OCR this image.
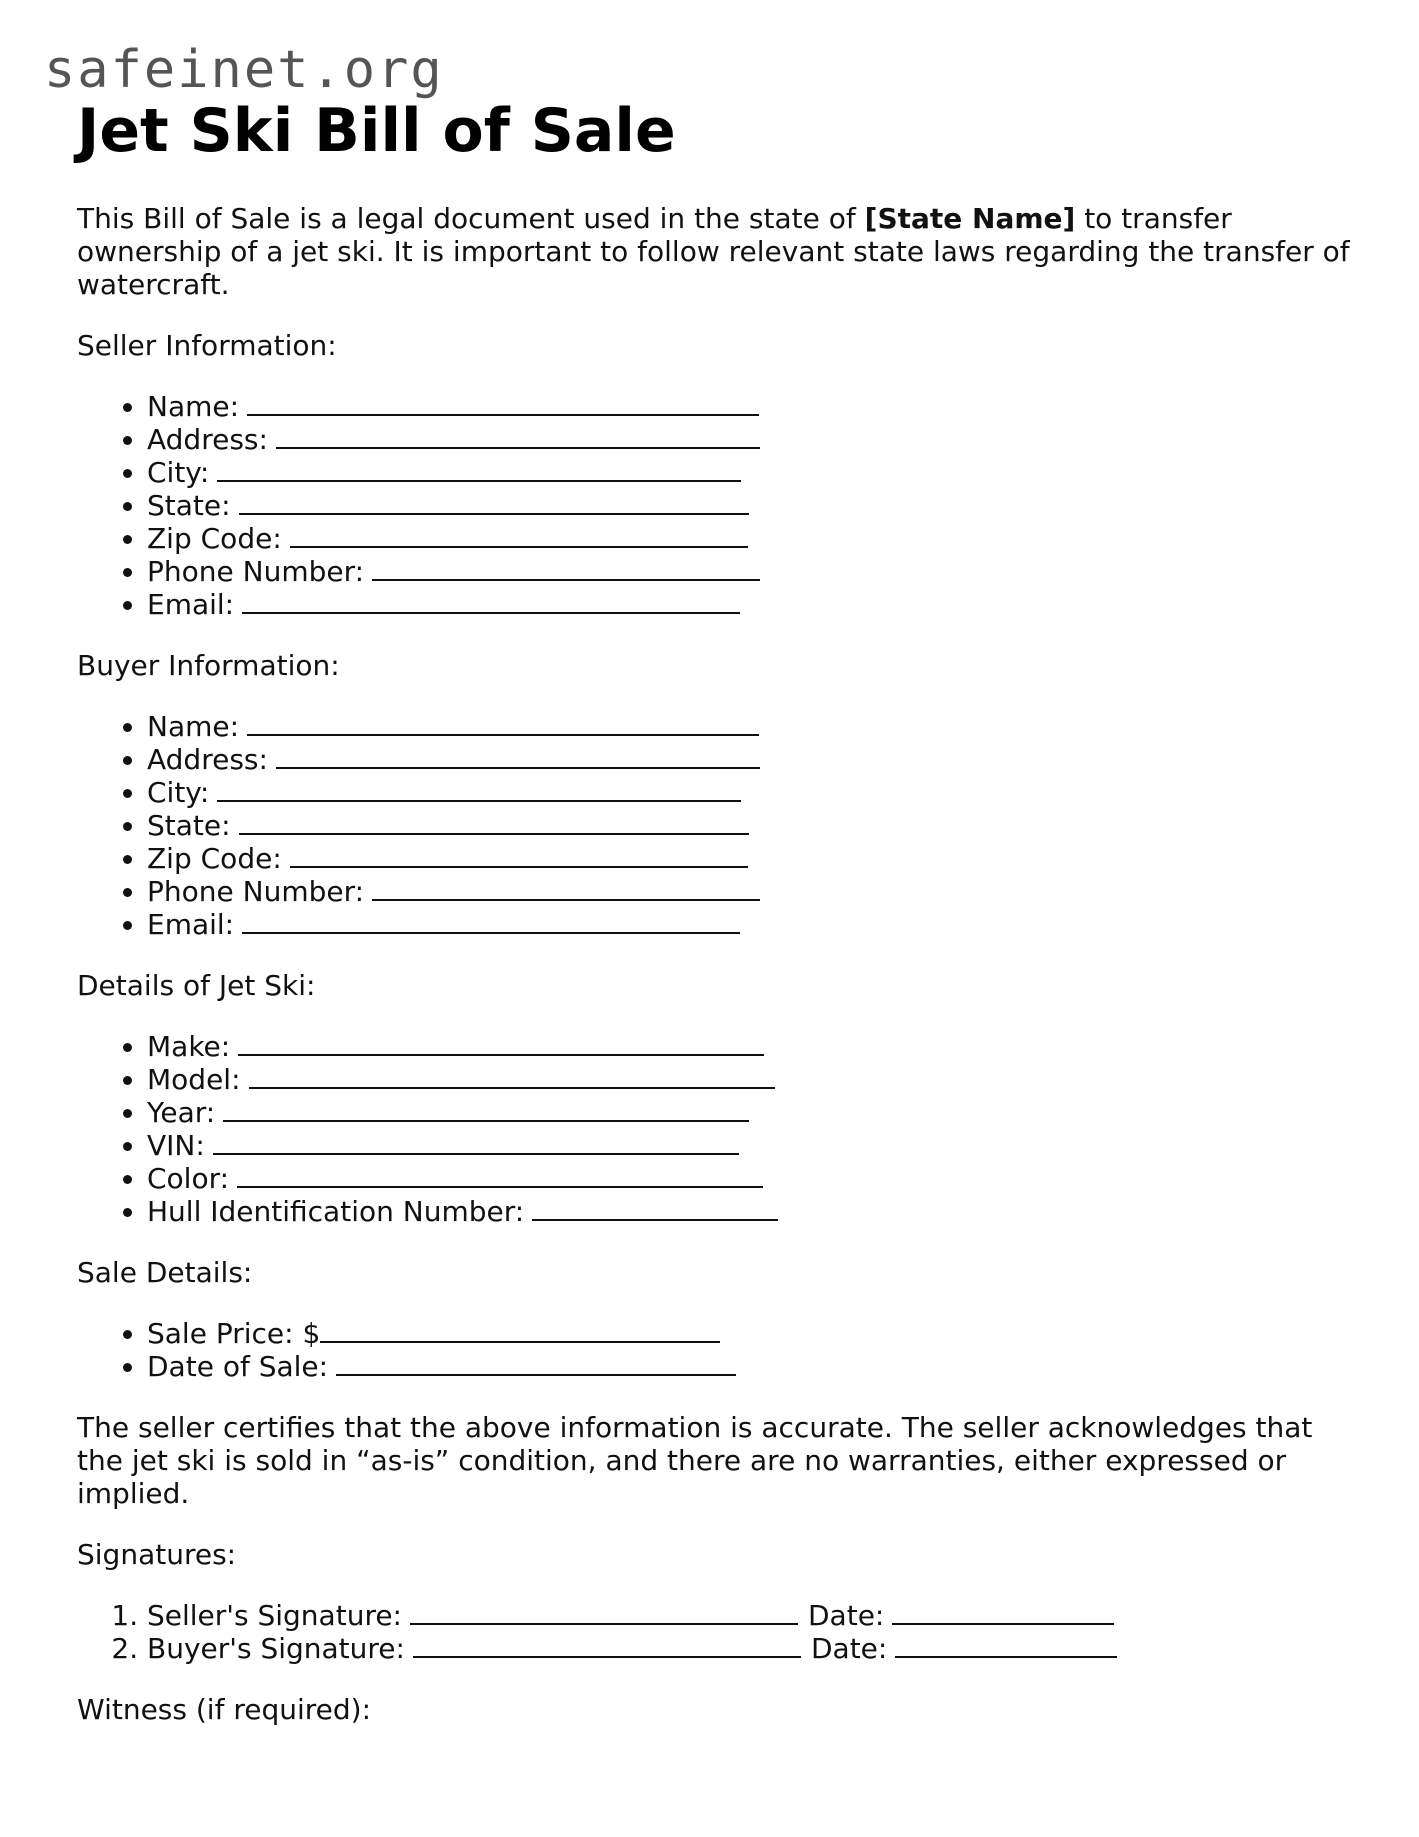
safeinet.org
Jet Ski Bill of Sale

This Bill of Sale is a legal document used in the state of [State Name] to transfer ownership of a jet ski. It is important to follow relevant state laws regarding the transfer of watercraft.

Seller Information:

• Name:
• Address:
• City:
• State:
• Zip Code:
• Phone Number:
• Email:

Buyer Information:

• Name:
• Address:
• City:
• State:
• Zip Code:
• Phone Number:
• Email:

Details of Jet Ski:

• Make:
• Model:
• Year:
• VIN:
• Color:
• Hull Identification Number:

Sale Details:

• Sale Price: $
• Date of Sale:

The seller certifies that the above information is accurate. The seller acknowledges that the jet ski is sold in “as-is” condition, and there are no warranties, either expressed or implied.

Signatures:

1. Seller's Signature:	Date:
2. Buyer's Signature:	Date:

Witness (if required):
